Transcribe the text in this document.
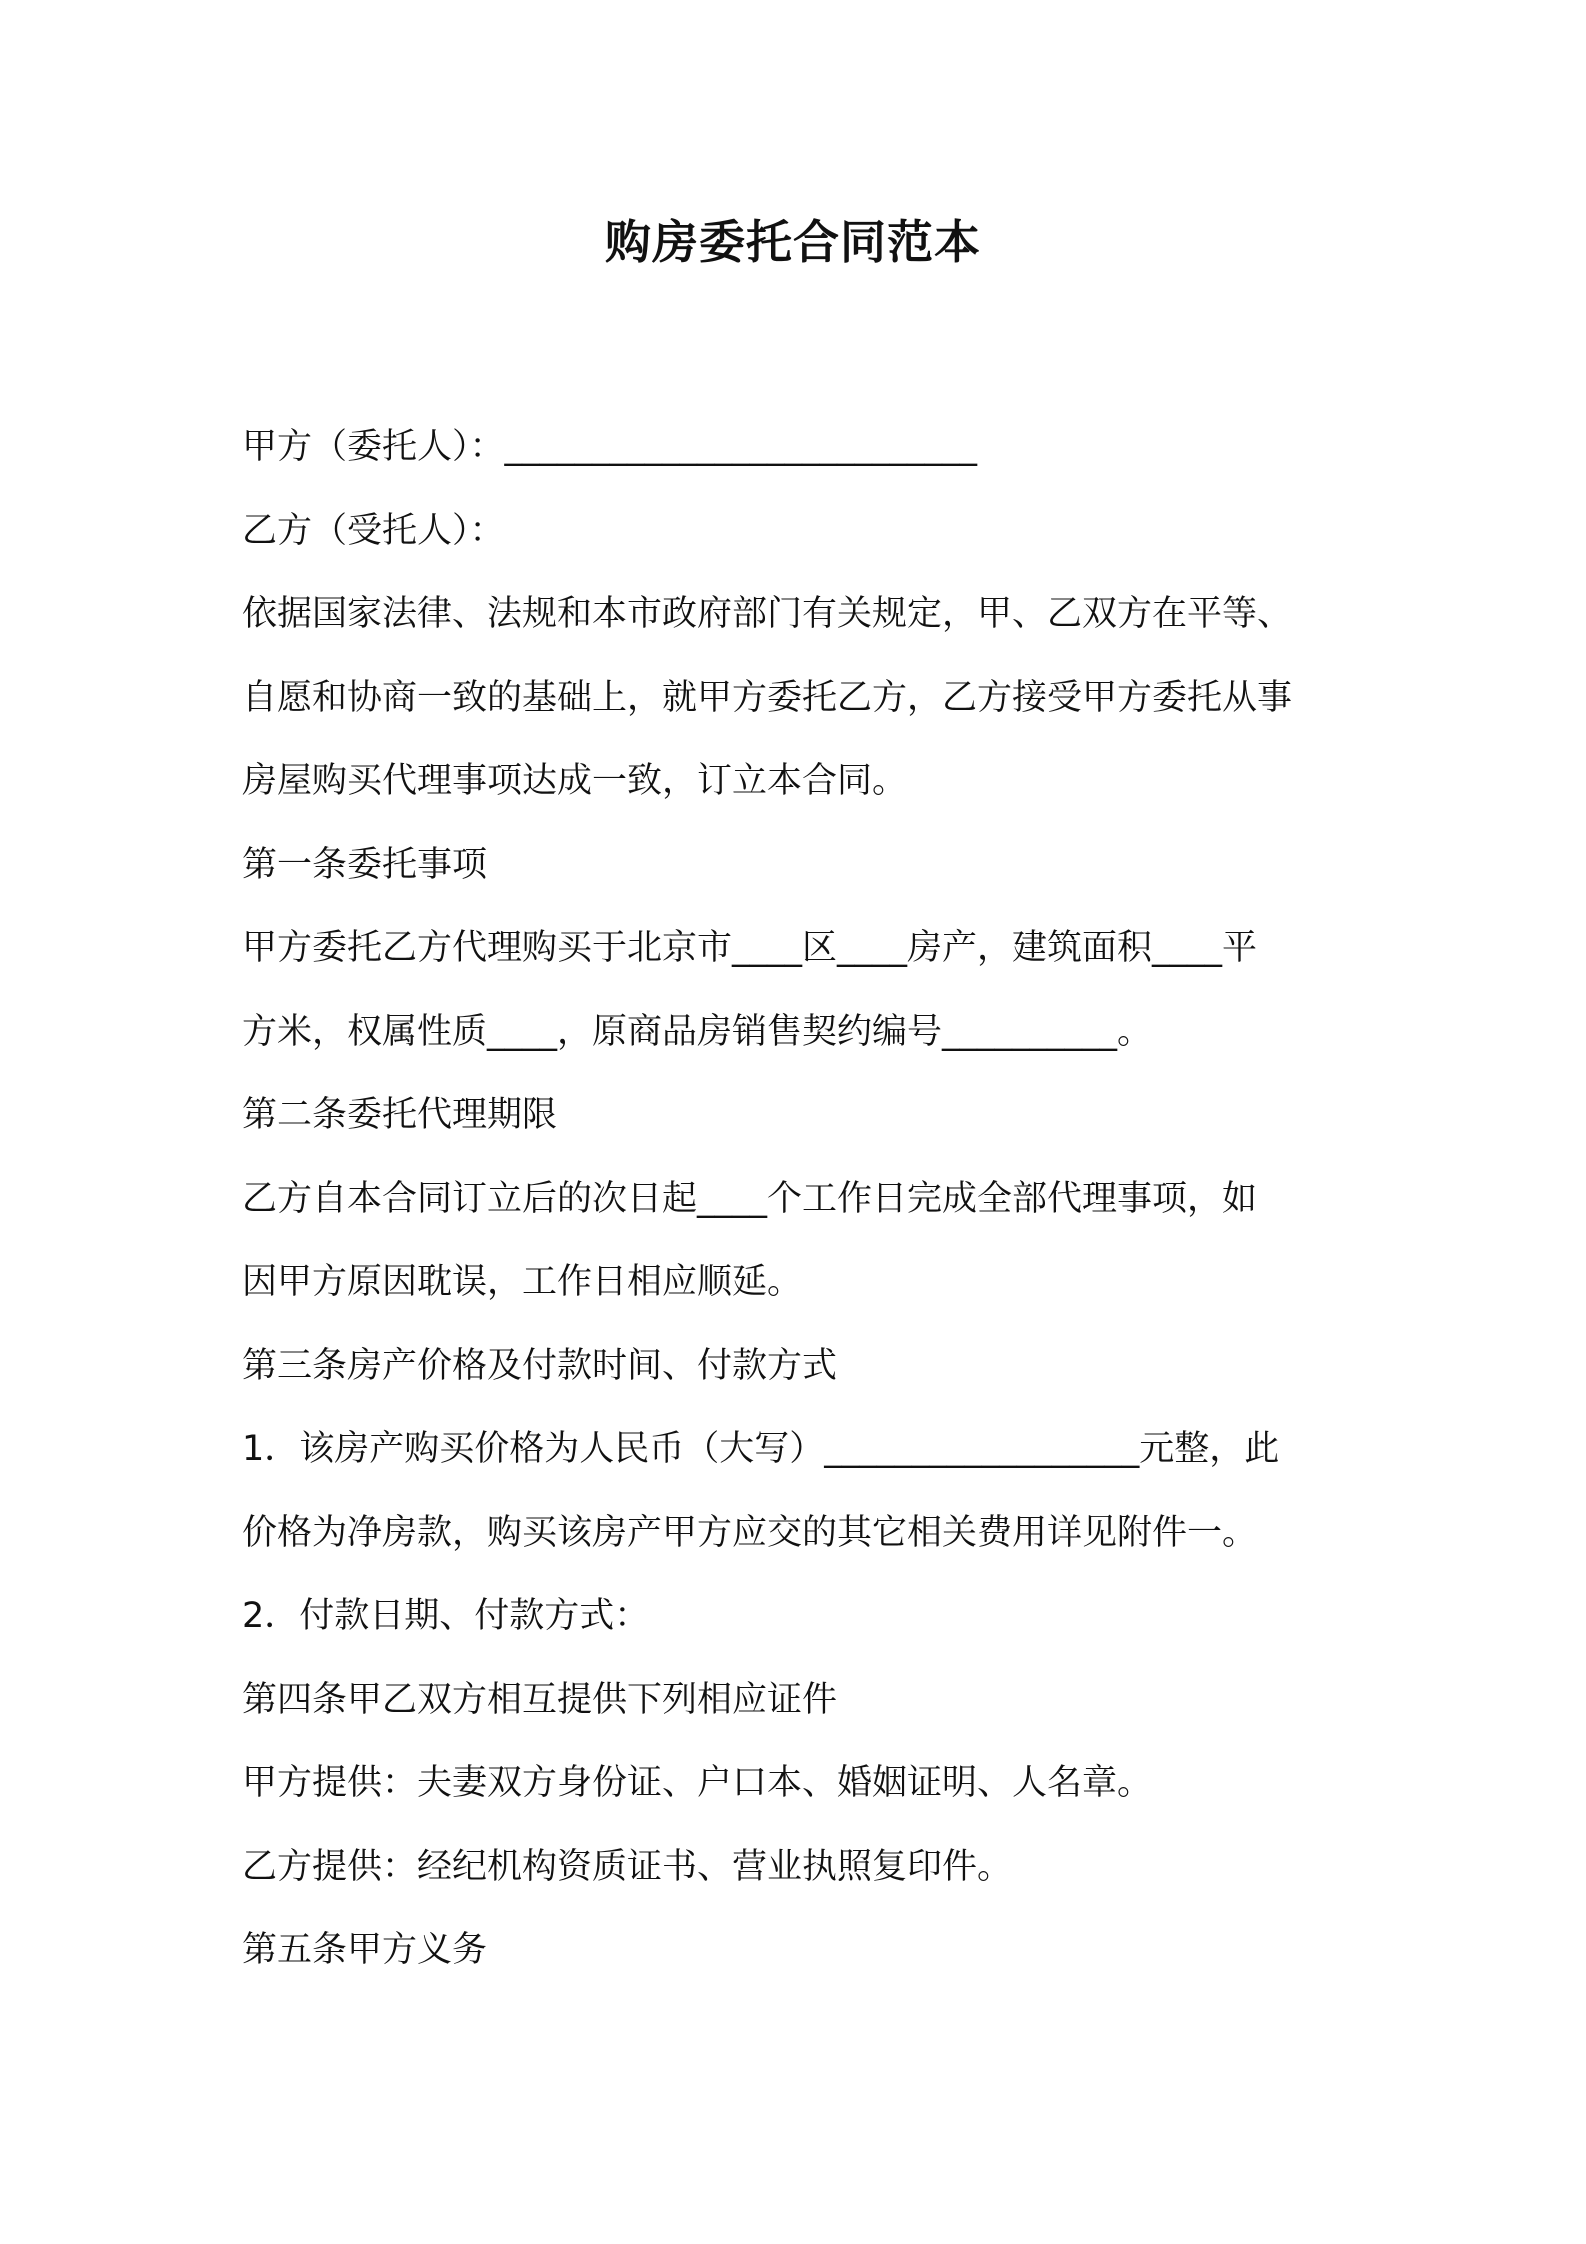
购房委托合同范本
甲方（委托人）：___________________________
乙方（受托人）：
依据国家法律、法规和本市政府部门有关规定，甲、乙双方在平等、
自愿和协商一致的基础上，就甲方委托乙方，乙方接受甲方委托从事
房屋购买代理事项达成一致，订立本合同。
第一条委托事项
甲方委托乙方代理购买于北京市____区____房产，建筑面积____平
方米，权属性质____，原商品房销售契约编号__________。
第二条委托代理期限
乙方自本合同订立后的次日起____个工作日完成全部代理事项，如
因甲方原因耽误，工作日相应顺延。
第三条房产价格及付款时间、付款方式
1．该房产购买价格为人民币（大写）__________________元整，此
价格为净房款，购买该房产甲方应交的其它相关费用详见附件一。
2．付款日期、付款方式：
第四条甲乙双方相互提供下列相应证件
甲方提供：夫妻双方身份证、户口本、婚姻证明、人名章。
乙方提供：经纪机构资质证书、营业执照复印件。
第五条甲方义务
